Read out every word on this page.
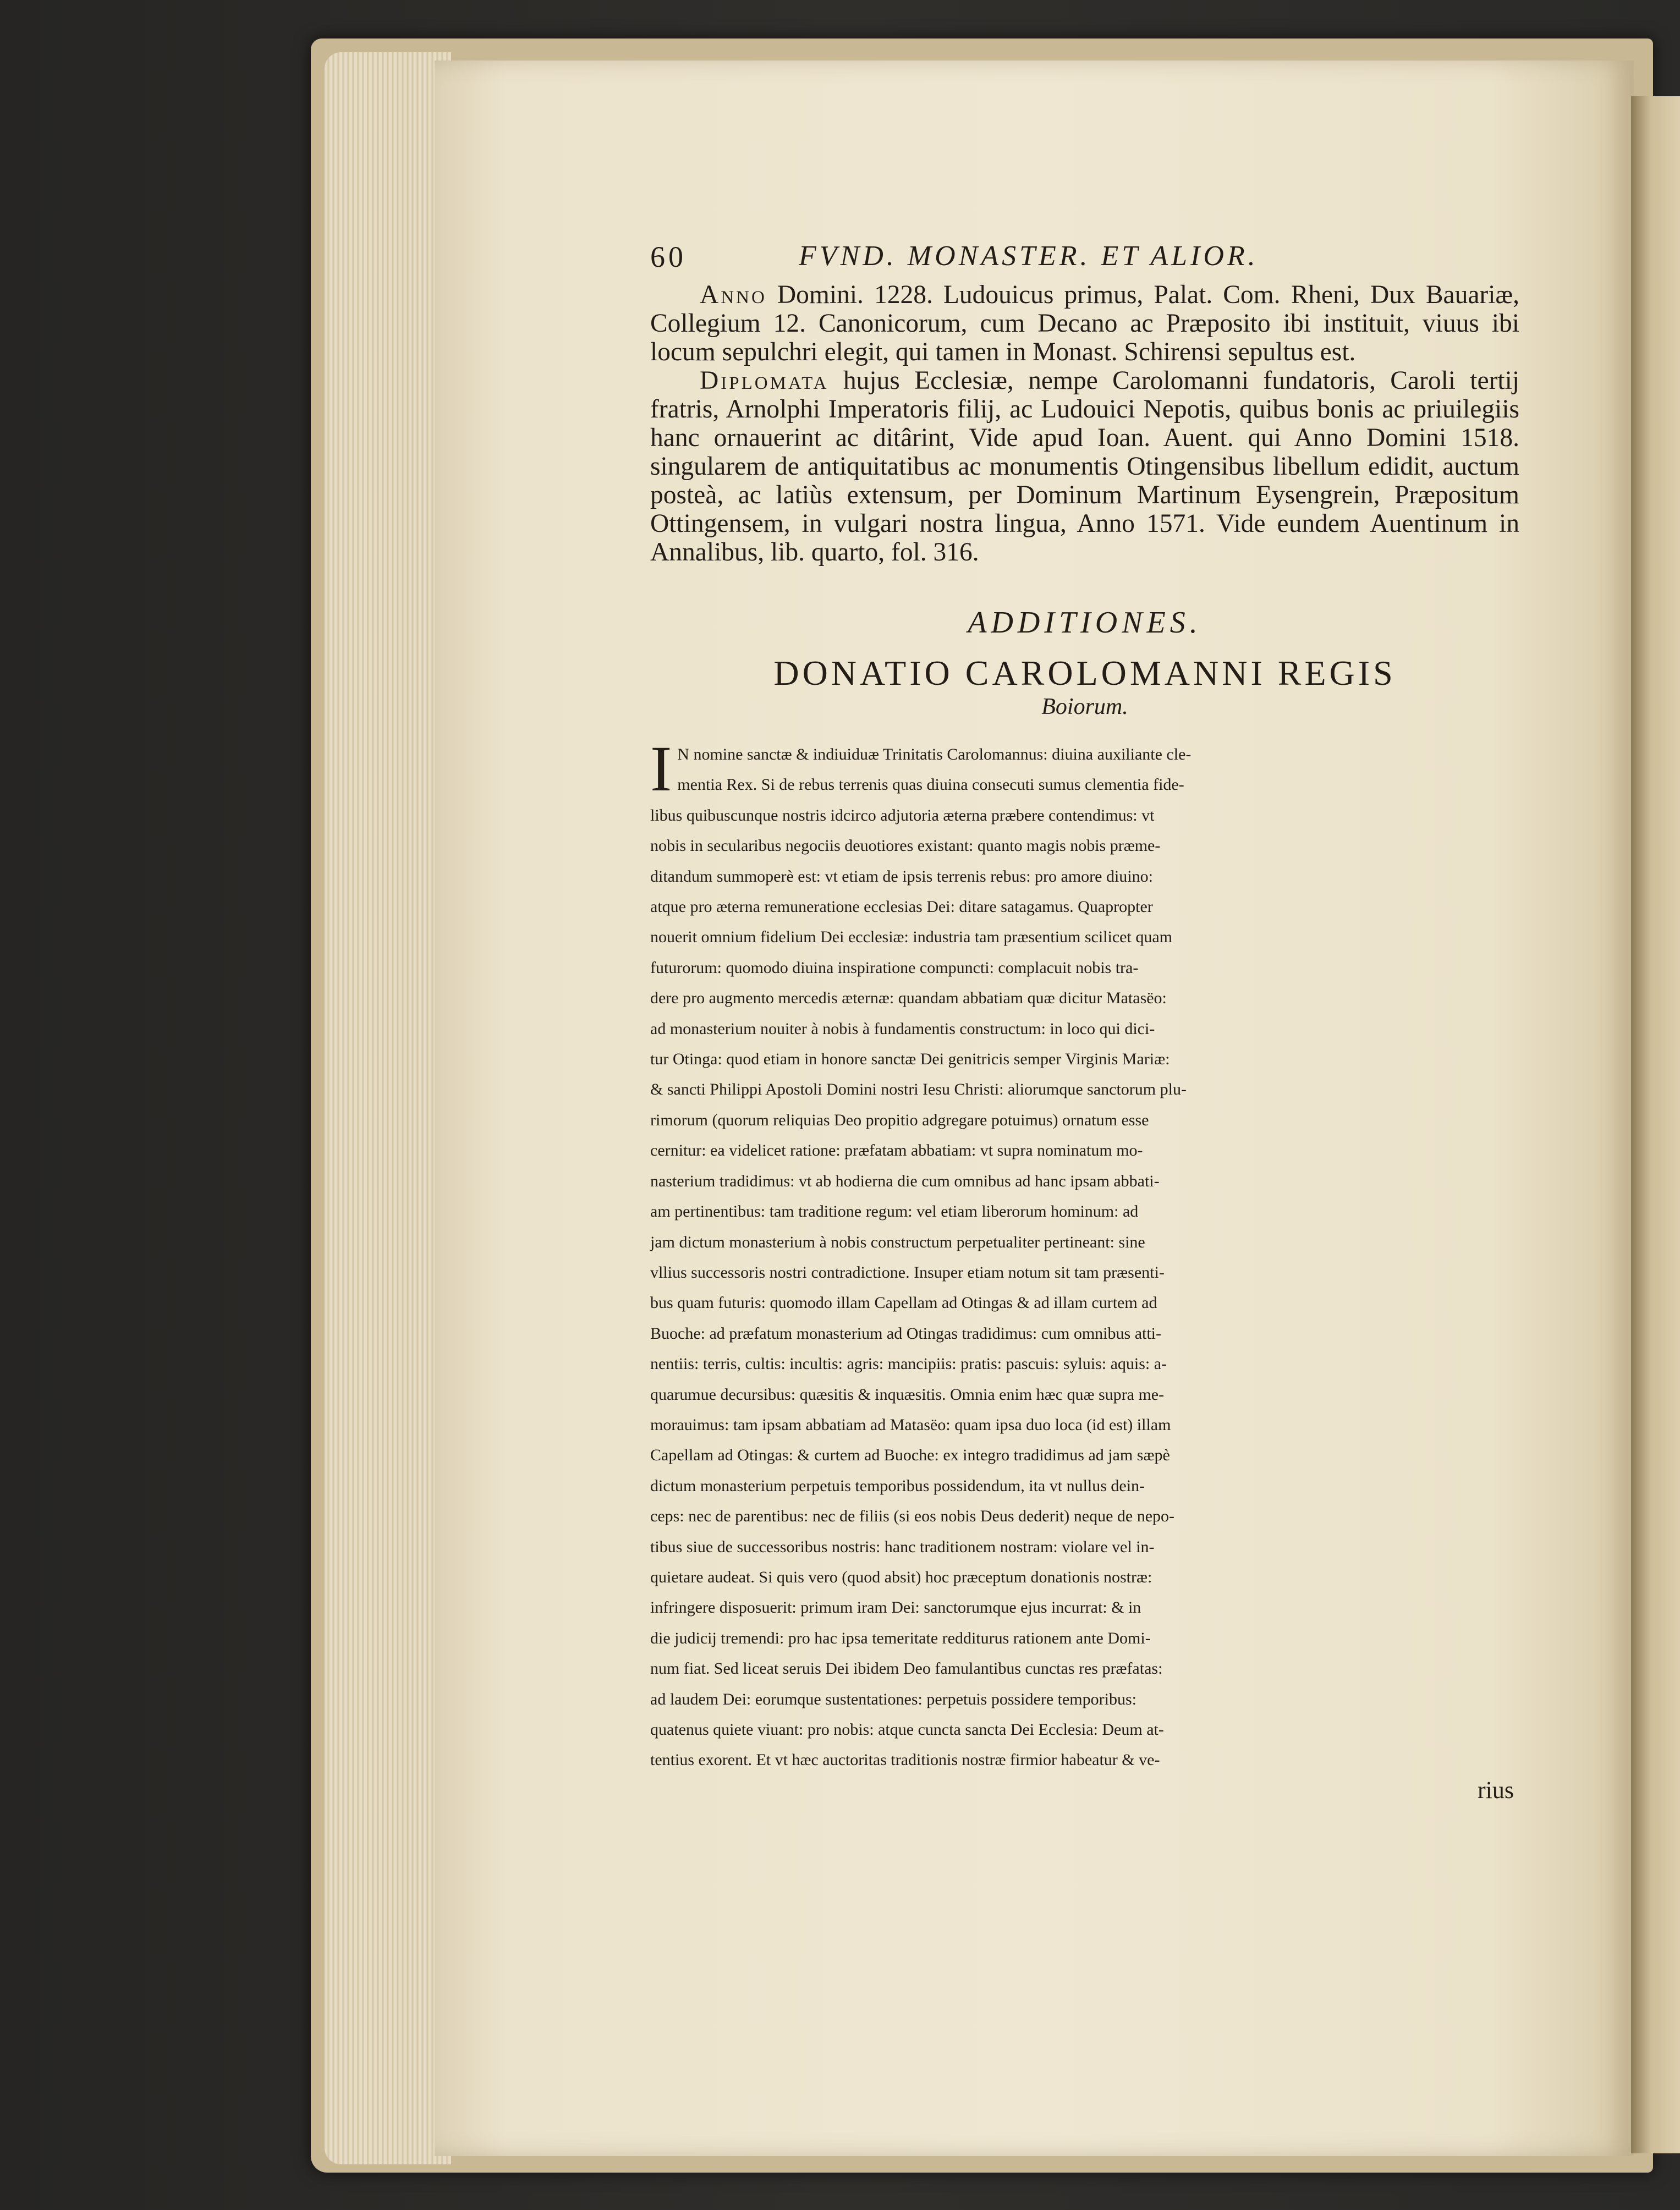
60	FVND. MONASTER. ET ALIOR.

Anno Domini. 1228. Ludouicus primus, Palat. Com. Rheni, Dux Bauariæ, Collegium 12. Canonicorum, cum Decano ac Præposito ibi instituit, viuus ibi locum sepulchri elegit, qui tamen in Monast. Schirensi sepultus est.

Diplomata hujus Ecclesiæ, nempe Carolomanni fundatoris, Caroli tertij fratris, Arnolphi Imperatoris filij, ac Ludouici Nepotis, quibus bonis ac priuilegiis hanc ornauerint ac ditârint, Vide apud Ioan. Auent. qui Anno Domini 1518. singularem de antiquitatibus ac monumentis Otingensibus libellum edidit, auctum posteà, ac latiùs extensum, per Dominum Martinum Eysengrein, Præpositum Ottingensem, in vulgari nostra lingua, Anno 1571. Vide eundem Auentinum in Annalibus, lib. quarto, fol. 316.

ADDITIONES.
DONATIO CAROLOMANNI REGIS
Boiorum.
I N nomine sanctæ & indiuiduæ Trinitatis Carolomannus: diuina auxiliante cle-
mentia Rex. Si de rebus terrenis quas diuina consecuti sumus clementia fide-
libus quibuscunque nostris idcirco adjutoria æterna præbere contendimus: vt
nobis in secularibus negociis deuotiores existant: quanto magis nobis præme-
ditandum summoperè est: vt etiam de ipsis terrenis rebus: pro amore diuino:
atque pro æterna remuneratione ecclesias Dei: ditare satagamus. Quapropter
nouerit omnium fidelium Dei ecclesiæ: industria tam præsentium scilicet quam
futurorum: quomodo diuina inspiratione compuncti: complacuit nobis tra-
dere pro augmento mercedis æternæ: quandam abbatiam quæ dicitur Matasëo:
ad monasterium nouiter à nobis à fundamentis constructum: in loco qui dici-
tur Otinga: quod etiam in honore sanctæ Dei genitricis semper Virginis Mariæ:
& sancti Philippi Apostoli Domini nostri Iesu Christi: aliorumque sanctorum plu-
rimorum (quorum reliquias Deo propitio adgregare potuimus) ornatum esse
cernitur: ea videlicet ratione: præfatam abbatiam: vt supra nominatum mo-
nasterium tradidimus: vt ab hodierna die cum omnibus ad hanc ipsam abbati-
am pertinentibus: tam traditione regum: vel etiam liberorum hominum: ad
jam dictum monasterium à nobis constructum perpetualiter pertineant: sine
vllius successoris nostri contradictione. Insuper etiam notum sit tam præsenti-
bus quam futuris: quomodo illam Capellam ad Otingas & ad illam curtem ad
Buoche: ad præfatum monasterium ad Otingas tradidimus: cum omnibus atti-
nentiis: terris, cultis: incultis: agris: mancipiis: pratis: pascuis: syluis: aquis: a-
quarumue decursibus: quæsitis & inquæsitis. Omnia enim hæc quæ supra me-
morauimus: tam ipsam abbatiam ad Matasëo: quam ipsa duo loca (id est) illam
Capellam ad Otingas: & curtem ad Buoche: ex integro tradidimus ad jam sæpè
dictum monasterium perpetuis temporibus possidendum, ita vt nullus dein-
ceps: nec de parentibus: nec de filiis (si eos nobis Deus dederit) neque de nepo-
tibus siue de successoribus nostris: hanc traditionem nostram: violare vel in-
quietare audeat. Si quis vero (quod absit) hoc præceptum donationis nostræ:
infringere disposuerit: primum iram Dei: sanctorumque ejus incurrat: & in
die judicij tremendi: pro hac ipsa temeritate redditurus rationem ante Domi-
num fiat. Sed liceat seruis Dei ibidem Deo famulantibus cunctas res præfatas:
ad laudem Dei: eorumque sustentationes: perpetuis possidere temporibus:
quatenus quiete viuant: pro nobis: atque cuncta sancta Dei Ecclesia: Deum at-
tentius exorent. Et vt hæc auctoritas traditionis nostræ firmior habeatur & ve-
rius
